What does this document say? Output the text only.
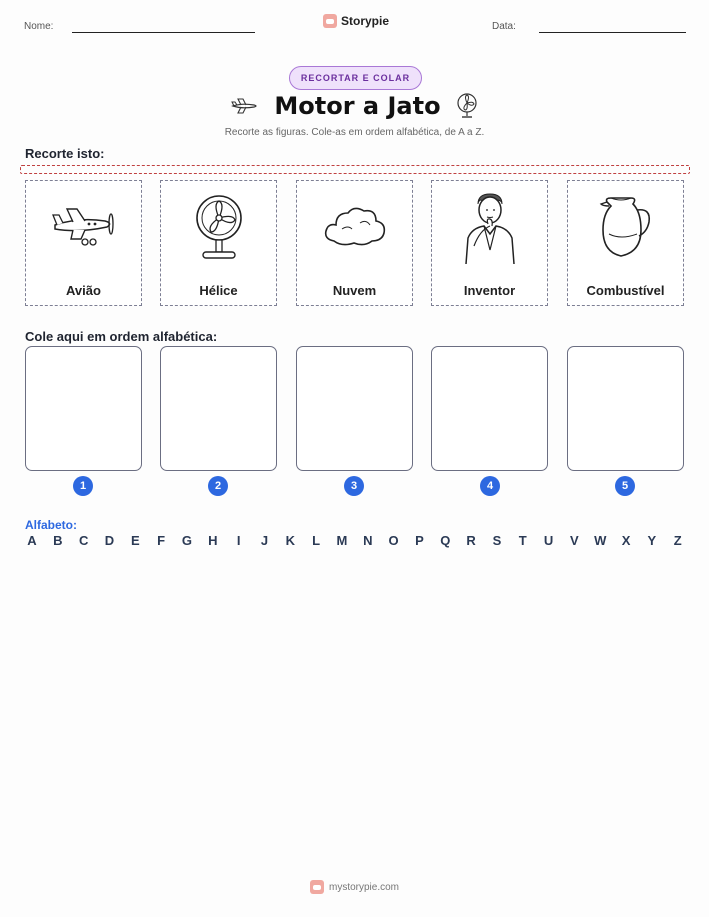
Nome:	Storypie	Data:
RECORTAR E COLAR
Motor a Jato
Recorte as figuras. Cole-as em ordem alfabética, de A a Z.
Recorte isto:
Avião	Hélice	Nuvem	Inventor	Combustível
Cole aqui em ordem alfabética:
1	2	3	4	5
Alfabeto:
A B C D E F G H	I	J K L M N O P Q R S T U V W X Y Z
mystorypie.com
